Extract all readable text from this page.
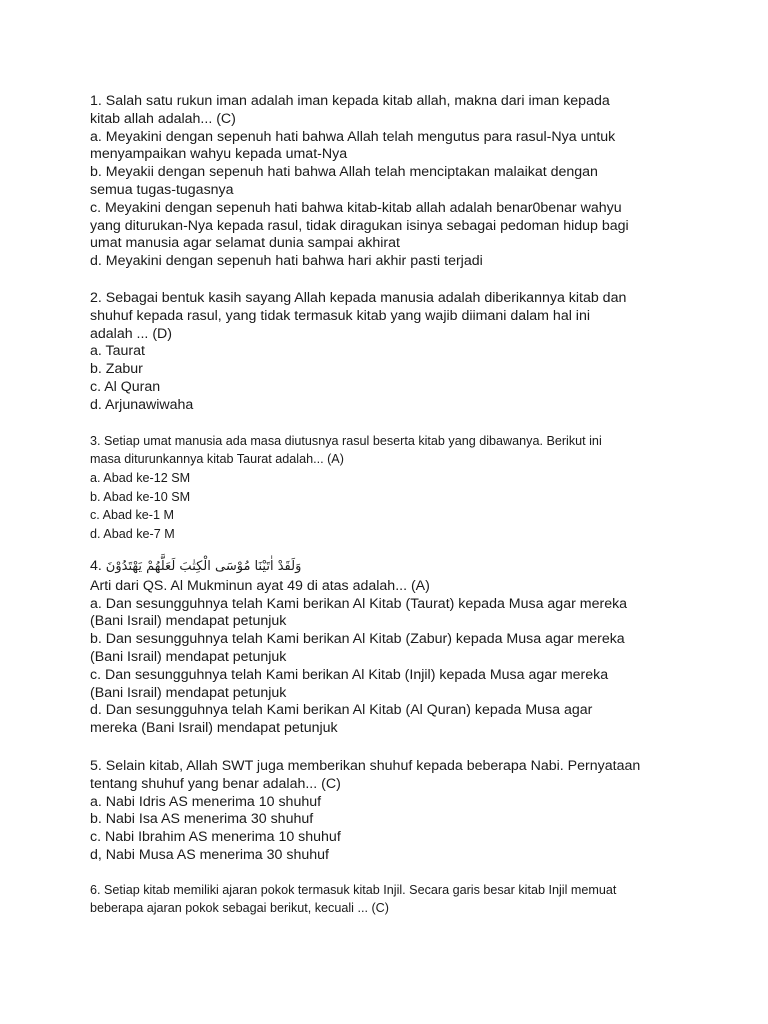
1. Salah satu rukun iman adalah iman kepada kitab allah, makna dari iman kepada
kitab allah adalah... (C)
a. Meyakini dengan sepenuh hati bahwa Allah telah mengutus para rasul-Nya untuk
menyampaikan wahyu kepada umat-Nya
b. Meyakii dengan sepenuh hati bahwa Allah telah menciptakan malaikat dengan
semua tugas-tugasnya
c. Meyakini dengan sepenuh hati bahwa kitab-kitab allah adalah benar0benar wahyu
yang diturukan-Nya kepada rasul, tidak diragukan isinya sebagai pedoman hidup bagi
umat manusia agar selamat dunia sampai akhirat
d. Meyakini dengan sepenuh hati bahwa hari akhir pasti terjadi
2. Sebagai bentuk kasih sayang Allah kepada manusia adalah diberikannya kitab dan
shuhuf kepada rasul, yang tidak termasuk kitab yang wajib diimani dalam hal ini
adalah ... (D)
a. Taurat
b. Zabur
c. Al Quran
d. Arjunawiwaha
3. Setiap umat manusia ada masa diutusnya rasul beserta kitab yang dibawanya. Berikut ini
masa diturunkannya kitab Taurat adalah... (A)
a. Abad ke-12 SM
b. Abad ke-10 SM
c. Abad ke-1 M
d. Abad ke-7 M
4. وَلَقَدْ اٰتَيْنَا مُوْسَى الْكِتٰبَ لَعَلَّهُمْ يَهْتَدُوْنَ
Arti dari QS. Al Mukminun ayat 49 di atas adalah... (A)
a. Dan sesungguhnya telah Kami berikan Al Kitab (Taurat) kepada Musa agar mereka
(Bani Israil) mendapat petunjuk
b. Dan sesungguhnya telah Kami berikan Al Kitab (Zabur) kepada Musa agar mereka
(Bani Israil) mendapat petunjuk
c. Dan sesungguhnya telah Kami berikan Al Kitab (Injil) kepada Musa agar mereka
(Bani Israil) mendapat petunjuk
d. Dan sesungguhnya telah Kami berikan Al Kitab (Al Quran) kepada Musa agar
mereka (Bani Israil) mendapat petunjuk
5. Selain kitab, Allah SWT juga memberikan shuhuf kepada beberapa Nabi. Pernyataan
tentang shuhuf yang benar adalah... (C)
a. Nabi Idris AS menerima 10 shuhuf
b. Nabi Isa AS menerima 30 shuhuf
c. Nabi Ibrahim AS menerima 10 shuhuf
d, Nabi Musa AS menerima 30 shuhuf
6. Setiap kitab memiliki ajaran pokok termasuk kitab Injil. Secara garis besar kitab Injil memuat
beberapa ajaran pokok sebagai berikut, kecuali ... (C)
